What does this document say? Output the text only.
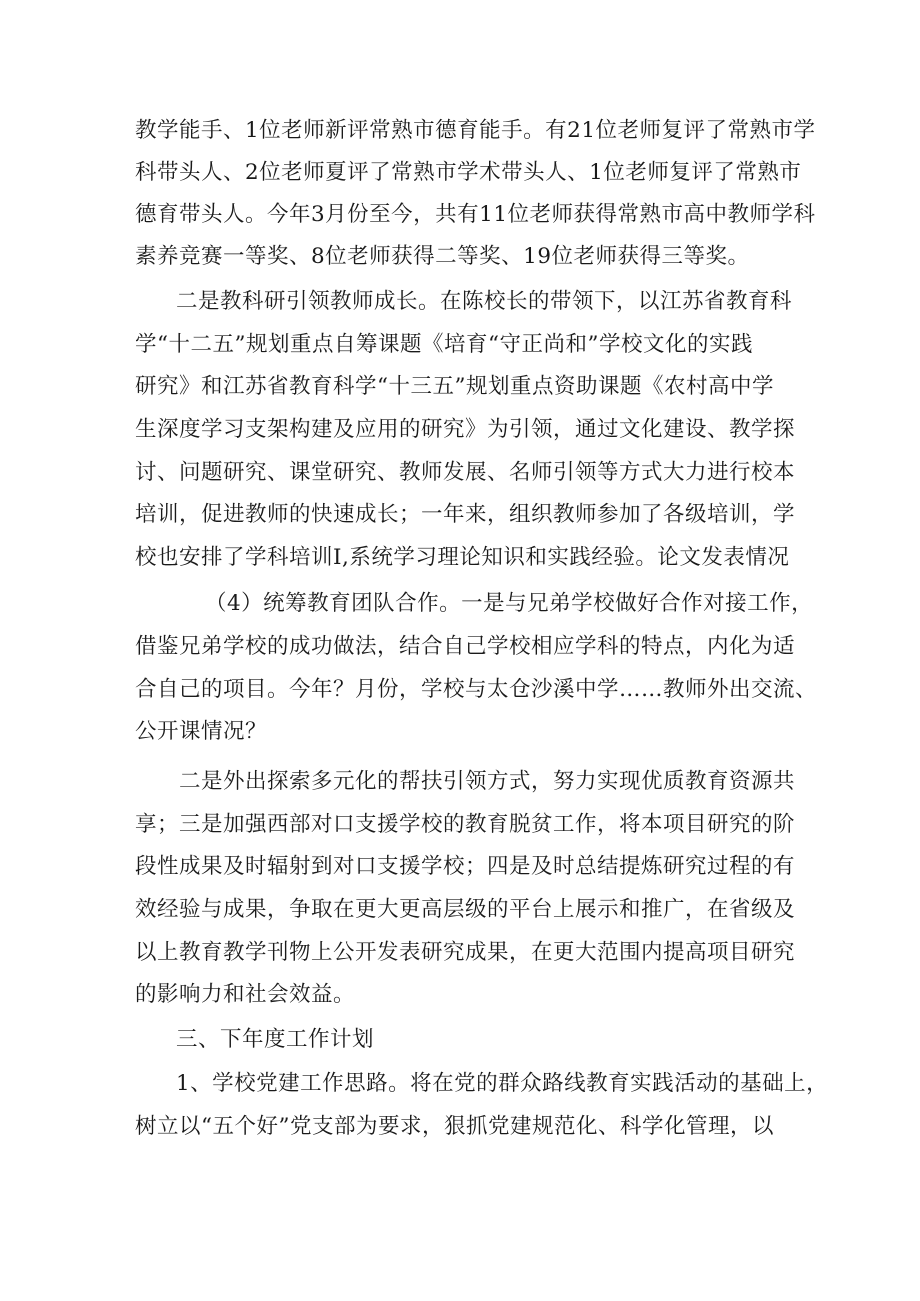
教学能手、1位老师新评常熟市德育能手。有21位老师复评了常熟市学
科带头人、2位老师夏评了常熟市学术带头人、1位老师复评了常熟市
德育带头人。今年3月份至今，共有11位老师获得常熟市高中教师学科
素养竞赛一等奖、8位老师获得二等奖、19位老师获得三等奖。
二是教科研引领教师成长。在陈校长的带领下，以江苏省教育科
学“十二五”规划重点自筹课题《培育“守正尚和”学校文化的实践
研究》和江苏省教育科学“十三五”规划重点资助课题《农村高中学
生深度学习支架构建及应用的研究》为引领，通过文化建设、教学探
讨、问题研究、课堂研究、教师发展、名师引领等方式大力进行校本
培训，促进教师的快速成长；一年来，组织教师参加了各级培训，学
校也安排了学科培训I,系统学习理论知识和实践经验。论文发表情况
（4）统筹教育团队合作。一是与兄弟学校做好合作对接工作，
借鉴兄弟学校的成功做法，结合自己学校相应学科的特点，内化为适
合自己的项目。今年？月份，学校与太仓沙溪中学……教师外出交流、
公开课情况？
二是外出探索多元化的帮扶引领方式，努力实现优质教育资源共
享；三是加强西部对口支援学校的教育脱贫工作，将本项目研究的阶
段性成果及时辐射到对口支援学校；四是及时总结提炼研究过程的有
效经验与成果，争取在更大更高层级的平台上展示和推广，在省级及
以上教育教学刊物上公开发表研究成果，在更大范围内提高项目研究
的影响力和社会效益。
三、下年度工作计划
1、学校党建工作思路。将在党的群众路线教育实践活动的基础上，
树立以“五个好”党支部为要求，狠抓党建规范化、科学化管理，以
